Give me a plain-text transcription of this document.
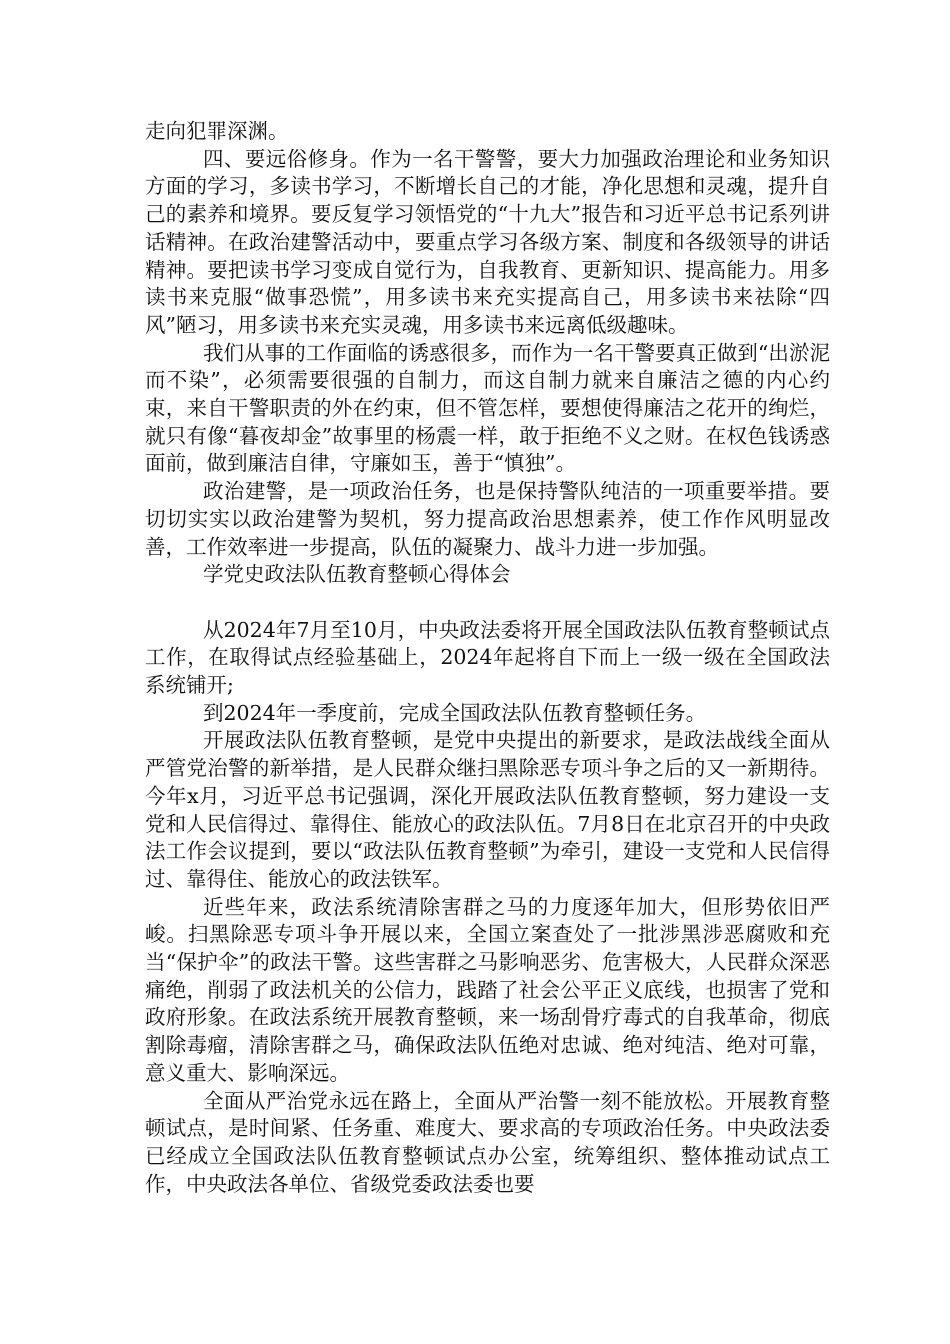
走向犯罪深渊。

四、要远俗修身。作为一名干警警，要大力加强政治理论和业务知识方面的学习，多读书学习，不断增长自己的才能，净化思想和灵魂，提升自己的素养和境界。要反复学习领悟党的“十九大”报告和习近平总书记系列讲话精神。在政治建警活动中，要重点学习各级方案、制度和各级领导的讲话精神。要把读书学习变成自觉行为，自我教育、更新知识、提高能力。用多读书来克服“做事恐慌”，用多读书来充实提高自己，用多读书来祛除“四风”陋习，用多读书来充实灵魂，用多读书来远离低级趣味。

我们从事的工作面临的诱惑很多，而作为一名干警要真正做到“出淤泥而不染”，必须需要很强的自制力，而这自制力就来自廉洁之德的内心约束，来自干警职责的外在约束，但不管怎样，要想使得廉洁之花开的绚烂，就只有像“暮夜却金”故事里的杨震一样，敢于拒绝不义之财。在权色钱诱惑面前，做到廉洁自律，守廉如玉，善于“慎独”。

政治建警，是一项政治任务，也是保持警队纯洁的一项重要举措。要切切实实以政治建警为契机，努力提高政治思想素养，使工作作风明显改善，工作效率进一步提高，队伍的凝聚力、战斗力进一步加强。

学党史政法队伍教育整顿心得体会

从2024年7月至10月，中央政法委将开展全国政法队伍教育整顿试点工作，在取得试点经验基础上，2024年起将自下而上一级一级在全国政法系统铺开;

到2024年一季度前，完成全国政法队伍教育整顿任务。

开展政法队伍教育整顿，是党中央提出的新要求，是政法战线全面从严管党治警的新举措，是人民群众继扫黑除恶专项斗争之后的又一新期待。今年x月，习近平总书记强调，深化开展政法队伍教育整顿，努力建设一支党和人民信得过、靠得住、能放心的政法队伍。7月8日在北京召开的中央政法工作会议提到，要以“政法队伍教育整顿”为牵引，建设一支党和人民信得过、靠得住、能放心的政法铁军。

近些年来，政法系统清除害群之马的力度逐年加大，但形势依旧严峻。扫黑除恶专项斗争开展以来，全国立案查处了一批涉黑涉恶腐败和充当“保护伞”的政法干警。这些害群之马影响恶劣、危害极大，人民群众深恶痛绝，削弱了政法机关的公信力，践踏了社会公平正义底线，也损害了党和政府形象。在政法系统开展教育整顿，来一场刮骨疗毒式的自我革命，彻底割除毒瘤，清除害群之马，确保政法队伍绝对忠诚、绝对纯洁、绝对可靠，意义重大、影响深远。

全面从严治党永远在路上，全面从严治警一刻不能放松。开展教育整顿试点，是时间紧、任务重、难度大、要求高的专项政治任务。中央政法委已经成立全国政法队伍教育整顿试点办公室，统筹组织、整体推动试点工作，中央政法各单位、省级党委政法委也要
